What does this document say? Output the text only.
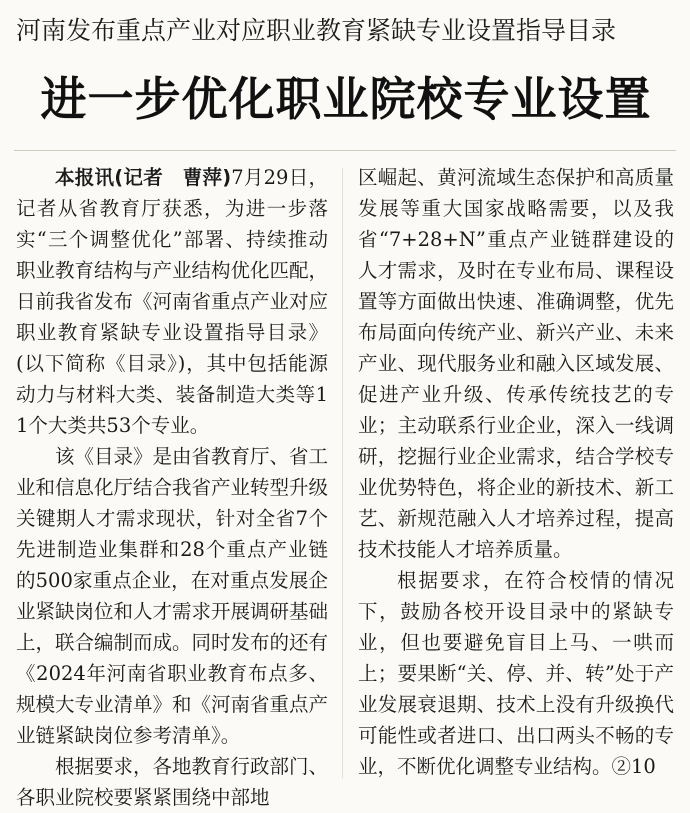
河南发布重点产业对应职业教育紧缺专业设置指导目录
进一步优化职业院校专业设置

本报讯(记者　曹萍)7月29日，记者从省教育厅获悉，为进一步落实“三个调整优化”部署、持续推动职业教育结构与产业结构优化匹配，日前我省发布《河南省重点产业对应职业教育紧缺专业设置指导目录》(以下简称《目录》)，其中包括能源动力与材料大类、装备制造大类等11个大类共53个专业。

该《目录》是由省教育厅、省工业和信息化厅结合我省产业转型升级关键期人才需求现状，针对全省7个先进制造业集群和28个重点产业链的500家重点企业，在对重点发展企业紧缺岗位和人才需求开展调研基础上，联合编制而成。同时发布的还有《2024年河南省职业教育布点多、规模大专业清单》和《河南省重点产业链紧缺岗位参考清单》。

根据要求，各地教育行政部门、各职业院校要紧紧围绕中部地

区崛起、黄河流域生态保护和高质量发展等重大国家战略需要，以及我省“7+28+N”重点产业链群建设的人才需求，及时在专业布局、课程设置等方面做出快速、准确调整，优先布局面向传统产业、新兴产业、未来产业、现代服务业和融入区域发展、促进产业升级、传承传统技艺的专业；主动联系行业企业，深入一线调研，挖掘行业企业需求，结合学校专业优势特色，将企业的新技术、新工艺、新规范融入人才培养过程，提高技术技能人才培养质量。

根据要求，在符合校情的情况下，鼓励各校开设目录中的紧缺专业，但也要避免盲目上马、一哄而上；要果断“关、停、并、转”处于产业发展衰退期、技术上没有升级换代可能性或者进口、出口两头不畅的专业，不断优化调整专业结构。②10
